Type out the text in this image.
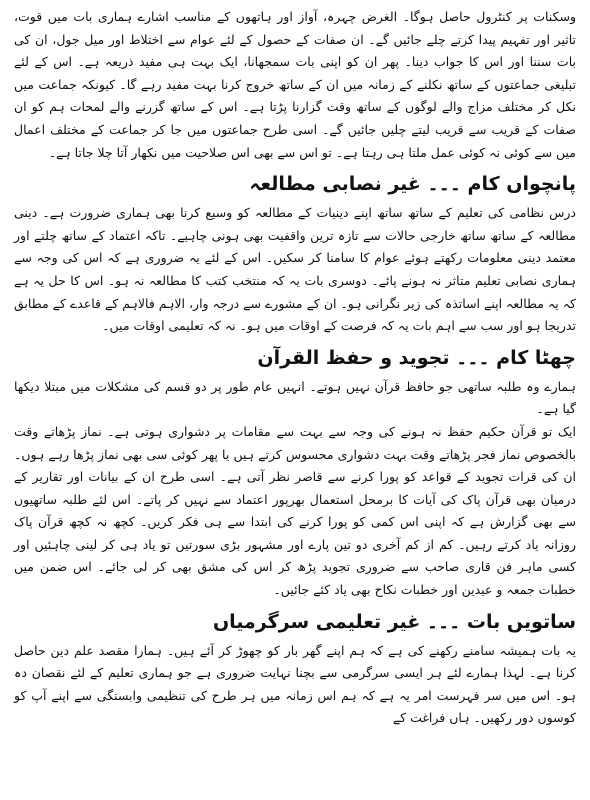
وسکنات پر کنٹرول حاصل ہوگا۔ الغرض چہرہ، آواز اور ہاتھوں کے مناسب اشارے ہماری بات میں قوت، تاثیر اور تفہیم پیدا کرتے چلے جائیں گے۔ ان صفات کے حصول کے لئے عوام سے اختلاط اور میل جول، ان کی بات سننا اور اس کا جواب دینا۔ پھر ان کو اپنی بات سمجھانا، ایک بہت ہی مفید ذریعہ ہے۔ اس کے لئے تبلیغی جماعتوں کے ساتھ نکلنے کے زمانہ میں ان کے ساتھ خروج کرنا بہت مفید رہے گا۔ کیونکہ جماعت میں نکل کر مختلف مزاج والے لوگوں کے ساتھ وقت گزارنا پڑتا ہے۔ اس کے ساتھ گزرنے والے لمحات ہم کو ان صفات کے قریب سے قریب لیتے چلیں جائیں گے۔ اسی طرح جماعتوں میں جا کر جماعت کے مختلف اعمال میں سے کوئی نہ کوئی عمل ملتا ہی رہتا ہے۔ تو اس سے بھی اس صلاحیت میں نکھار آتا چلا جاتا ہے۔

پانچواں کام ۔۔۔ غیر نصابی مطالعہ

درس نظامی کی تعلیم کے ساتھ ساتھ اپنے دینیات کے مطالعہ کو وسیع کرنا بھی ہماری ضرورت ہے۔ دینی مطالعہ کے ساتھ ساتھ خارجی حالات سے تازہ ترین واقفیت بھی ہونی چاہیے۔ تاکہ اعتماد کے ساتھ چلتے اور معتمد دینی معلومات رکھتے ہوئے عوام کا سامنا کر سکیں۔ اس کے لئے یہ ضروری ہے کہ اس کی وجہ سے ہماری نصابی تعلیم متاثر نہ ہونے پائے۔ دوسری بات یہ کہ منتخب کتب کا مطالعہ نہ ہو۔ اس کا حل یہ ہے کہ یہ مطالعہ اپنے اساتذہ کی زیر نگرانی ہو۔ ان کے مشورے سے درجہ وار، الاہم فالاہم کے قاعدے کے مطابق تدریجا ہو اور سب سے اہم بات یہ کہ فرصت کے اوقات میں ہو۔ نہ کہ تعلیمی اوقات میں۔

چھٹا کام ۔۔۔ تجوید و حفظ القرآن

ہمارے وہ طلبہ ساتھی جو حافظ قرآن نہیں ہوتے۔ انہیں عام طور پر دو قسم کی مشکلات میں مبتلا دیکھا گیا ہے۔

ایک تو قرآن حکیم حفظ نہ ہونے کی وجہ سے بہت سے مقامات پر دشواری ہوتی ہے۔ نماز پڑھاتے وقت بالخصوص نماز فجر پڑھاتے وقت بہت دشواری محسوس کرتے ہیں یا پھر کوئی سی بھی نماز پڑھا رہے ہوں۔ ان کی قرات تجوید کے قواعد کو پورا کرنے سے قاصر نظر آتی ہے۔ اسی طرح ان کے بیانات اور تقاریر کے درمیان بھی قرآن پاک کی آیات کا برمحل استعمال بھرپور اعتماد سے نہیں کر پاتے۔ اس لئے طلبہ ساتھیوں سے بھی گزارش ہے کہ اپنی اس کمی کو پورا کرنے کی ابتدا سے ہی فکر کریں۔ کچھ نہ کچھ قرآن پاک روزانہ یاد کرتے رہیں۔ کم از کم آخری دو تین پارے اور مشہور بڑی سورتیں تو یاد ہی کر لینی چاہئیں اور کسی ماہر فن قاری صاحب سے ضروری تجوید پڑھ کر اس کی مشق بھی کر لی جائے۔ اس ضمن میں خطبات جمعہ و عیدین اور خطبات نکاح بھی یاد کئے جائیں۔

ساتویں بات ۔۔۔ غیر تعلیمی سرگرمیاں

یہ بات ہمیشہ سامنے رکھنے کی ہے کہ ہم اپنے گھر بار کو چھوڑ کر آئے ہیں۔ ہمارا مقصد علم دین حاصل کرنا ہے۔ لہذا ہمارے لئے ہر ایسی سرگرمی سے بچنا نہایت ضروری ہے جو ہماری تعلیم کے لئے نقصان دہ ہو۔ اس میں سر فہرست امر یہ ہے کہ ہم اس زمانہ میں ہر طرح کی تنظیمی وابستگی سے اپنے آپ کو کوسوں دور رکھیں۔ ہاں فراغت کے
